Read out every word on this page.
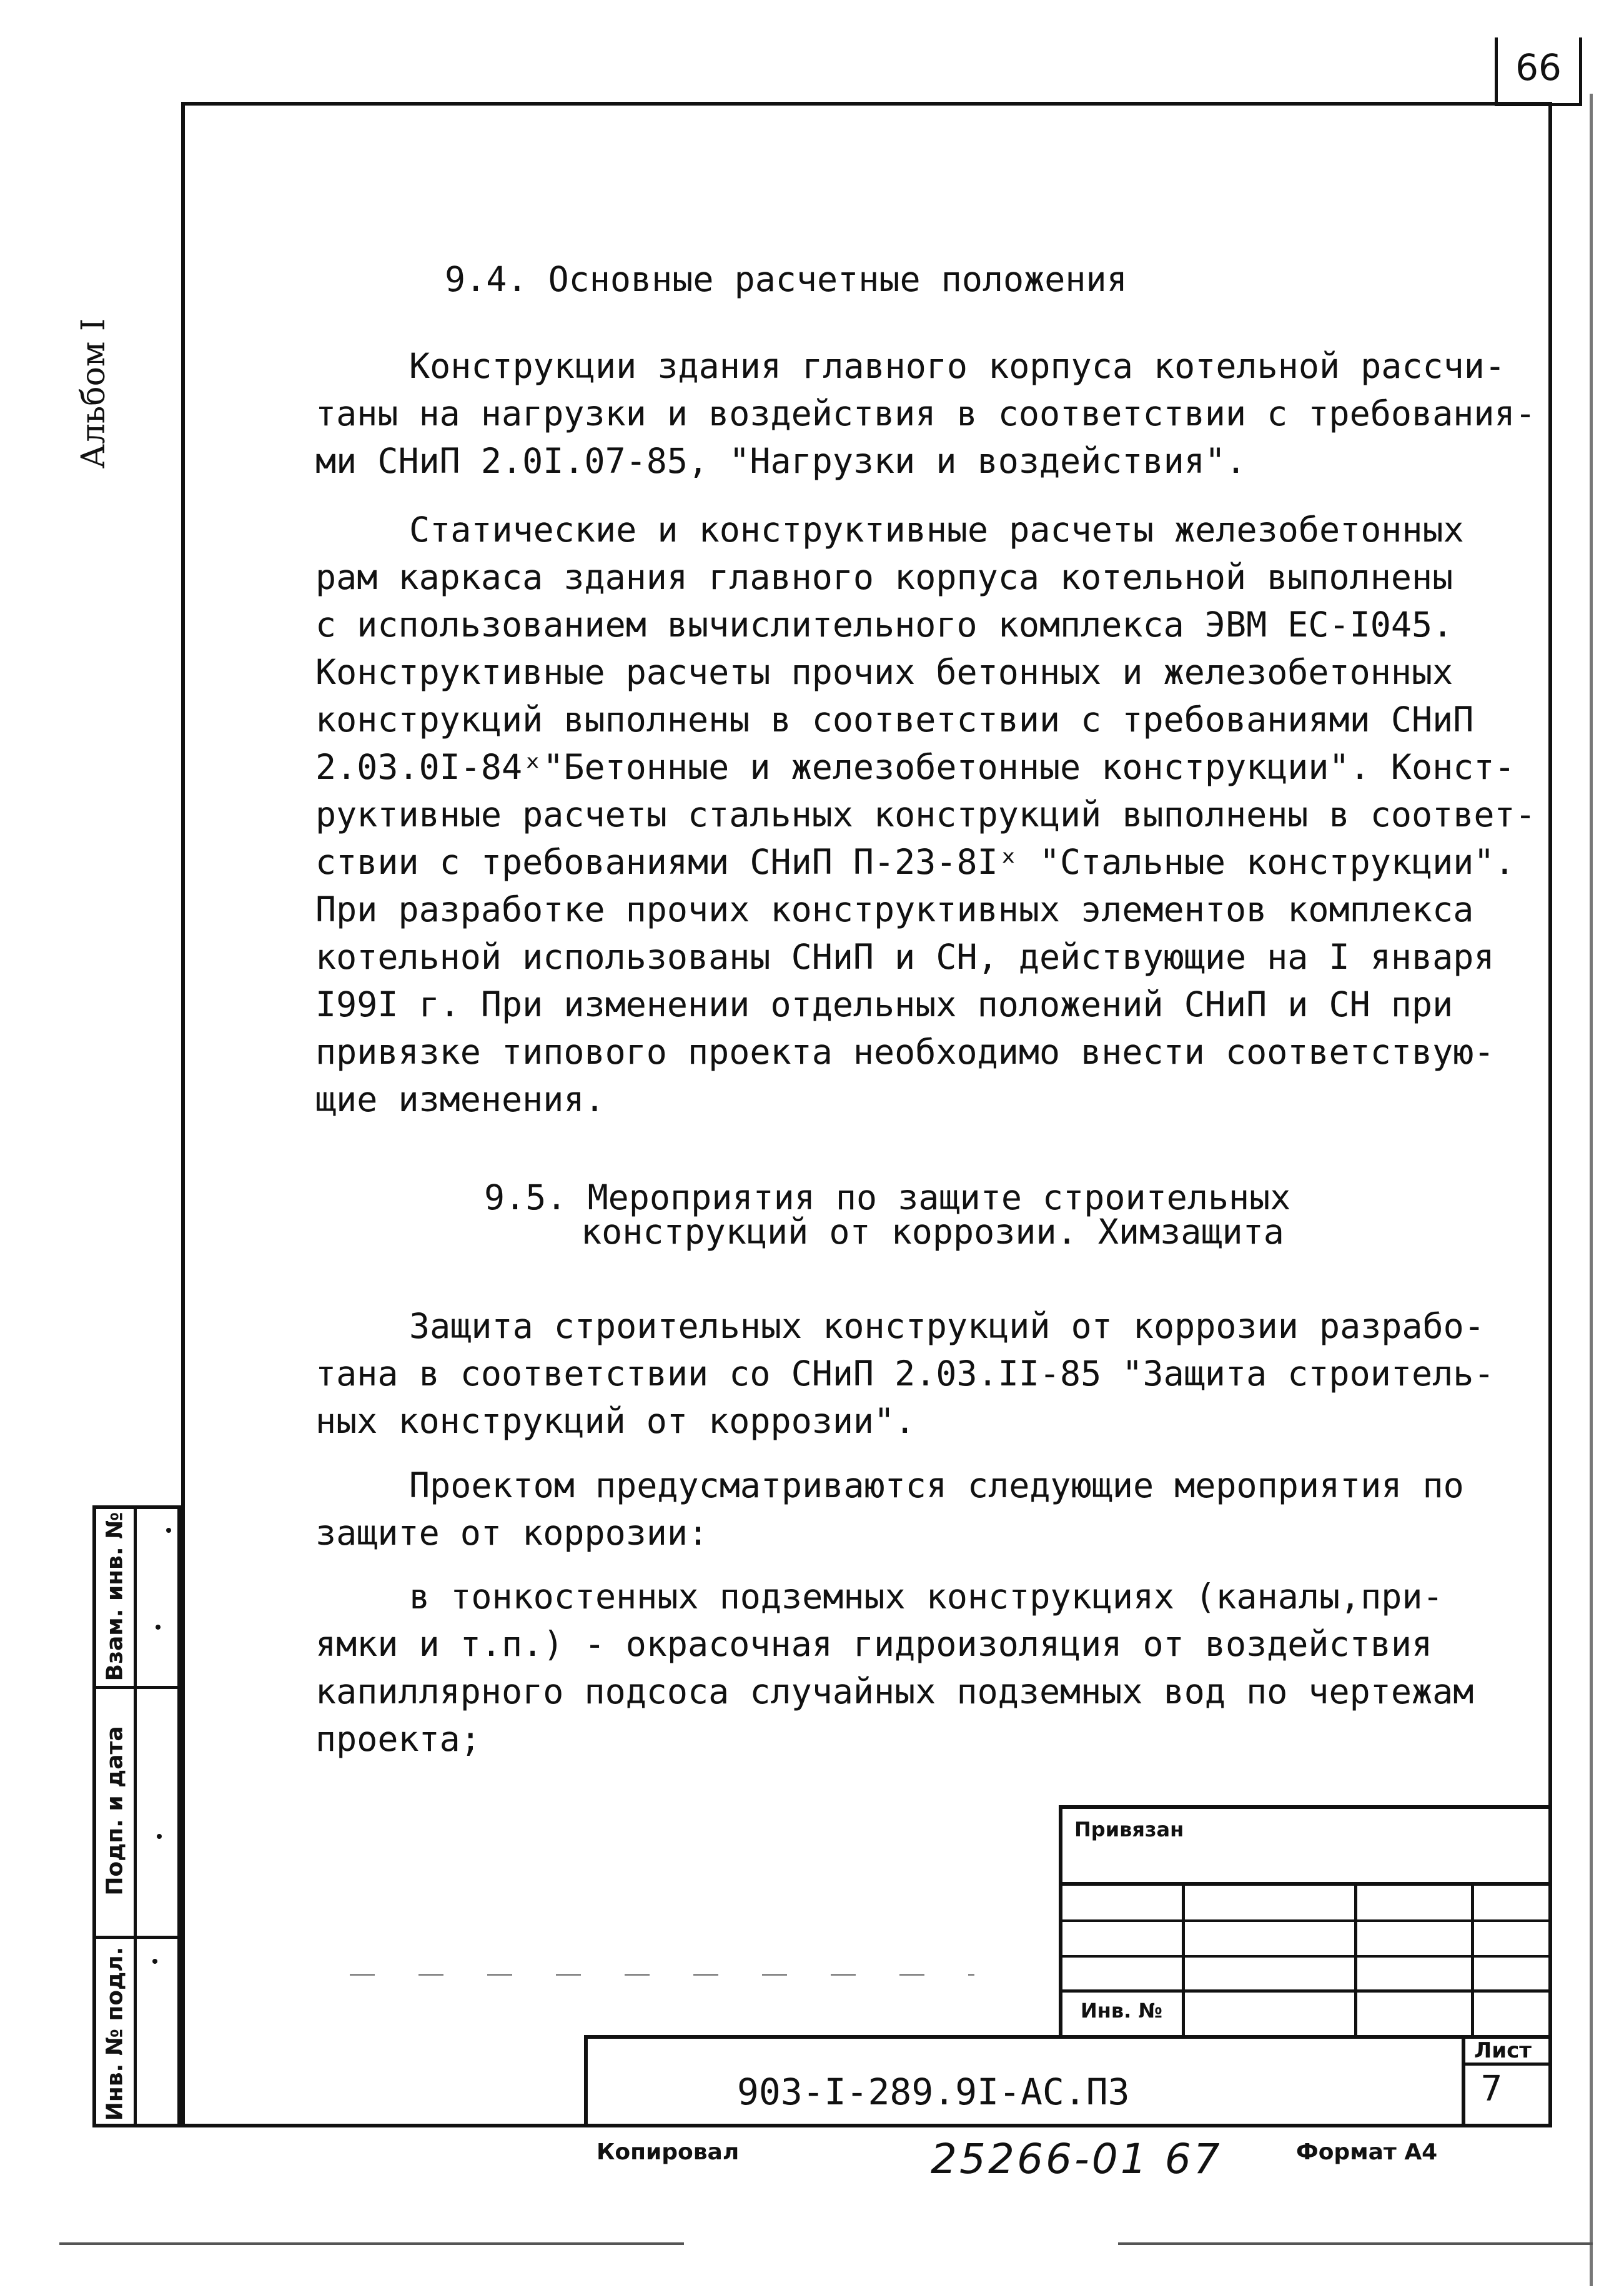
66
Альбом I
9.4. Основные расчетные положения
Конструкции здания главного корпуса котельной рассчи-
таны на нагрузки и воздействия в соответствии с требования-
ми СНиП 2.0I.07-85, "Нагрузки и воздействия".
Статические и конструктивные расчеты железобетонных
рам каркаса здания главного корпуса котельной выполнены
с использованием вычислительного комплекса ЭВМ ЕС-I045.
Конструктивные расчеты прочих бетонных и железобетонных
конструкций выполнены в соответствии с требованиями СНиП
2.03.0I-84ˣ"Бетонные и железобетонные конструкции". Конст-
руктивные расчеты стальных конструкций выполнены в соответ-
ствии с требованиями СНиП П-23-8Iˣ "Стальные конструкции".
При разработке прочих конструктивных элементов комплекса
котельной использованы СНиП и СН, действующие на I января
I99I г. При изменении отдельных положений СНиП и СН при
привязке типового проекта необходимо внести соответствую-
щие изменения.
9.5. Мероприятия по защите строительных
конструкций от коррозии. Химзащита
Защита строительных конструкций от коррозии разрабо-
тана в соответствии со СНиП 2.03.II-85 "Защита строитель-
ных конструкций от коррозии".
Проектом предусматриваются следующие мероприятия по
защите от коррозии:
в тонкостенных подземных конструкциях (каналы,при-
ямки и т.п.) - окрасочная гидроизоляция от воздействия
капиллярного подсоса случайных подземных вод по чертежам
проекта;
Взам. инв. №
Подп. и дата
Инв. № подл.
Привязан
Инв. №
Лист
7
903-I-289.9I-АС.ПЗ
Копировал	25266-01 67	Формат А4
